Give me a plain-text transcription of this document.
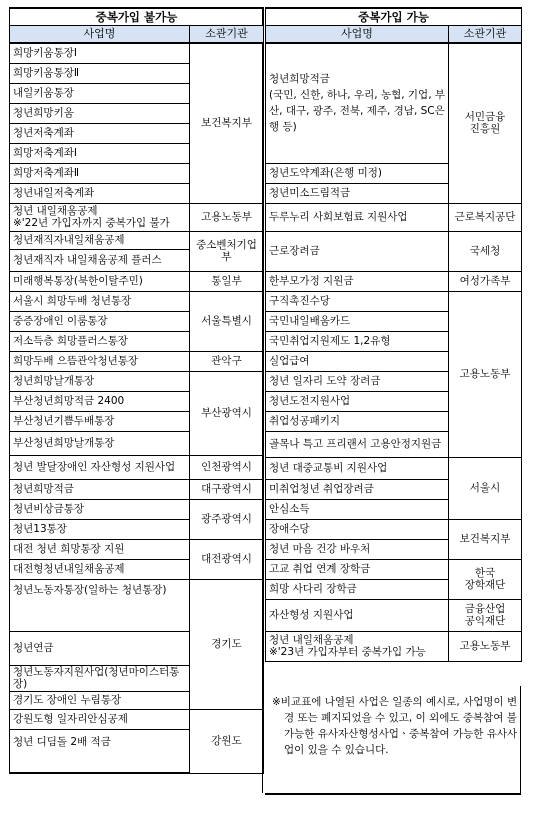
중복가입 불가능	
사업명	소관기관
희망키움통장Ⅰ	보건복지부
희망키움통장Ⅱ	
내일키움통장	
청년희망키움	
청년저축계좌	
희망저축계좌Ⅰ	
희망저축계좌Ⅱ	
청년내일저축계좌	
청년 내일채움공제
※'22년 가입자까지 중복가입 불가	고용노동부
청년재직자내일채움공제	중소벤처기업부
청년재직자 내일채움공제 플러스	
미래행복통장(북한이탈주민)	통일부
서울시 희망두배 청년통장	서울특별시
중증장애인 이룸통장	
저소득층 희망플러스통장	
희망두배 으뜸관악청년통장	관악구
청년희망날개통장	부산광역시
부산청년희망적금 2400	
부산청년기쁨두배통장	
부산청년희망날개통장	
청년 발달장애인 자산형성 지원사업	인천광역시
청년희망적금	대구광역시
청년비상금통장	광주광역시
청년13통장	
대전 청년 희망통장 지원	대전광역시
대전형청년내일채움공제	
청년노동자통장(일하는 청년통장)	경기도
청년연금	
청년노동자지원사업(청년마이스터통장)	
경기도 장애인 누림통장	
강원도형 일자리안심공제	강원도
청년 디딤돌 2배 적금	
중복가입 가능	
사업명	소관기관
청년희망적금
(국민, 신한, 하나, 우리, 농협, 기업, 부산, 대구, 광주, 전북, 제주, 경남, SC은행 등)	서민금융
진흥원
청년도약계좌(은행 미정)	
청년미소드림적금	
두루누리 사회보험료 지원사업	근로복지공단
근로장려금	국세청
한부모가정 지원금	여성가족부
구직촉진수당	고용노동부
국민내일배움카드	
국민취업지원제도 1,2유형	
실업급여	
청년 일자리 도약 장려금	
청년도전지원사업	
취업성공패키지	
골목나 특고 프리랜서 고용안정지원금	
청년 대중교통비 지원사업	서울시
미취업청년 취업장려금	
안심소득	
장애수당	보건복지부
청년 마음 건강 바우처	
고교 취업 연계 장학금	한국
장학재단
희망 사다리 장학금	
자산형성 지원사업	금융산업
공익재단
청년 내일채움공제
※'23년 가입자부터 중복가입 가능	고용노동부
※비교표에 나열된 사업은 일종의 예시로, 사업명이 변경 또는 폐지되었을 수 있고, 이 외에도 중복참여 불가능한 유사자산형성사업ㆍ중복참여 가능한 유사사업이 있을 수 있습니다.
